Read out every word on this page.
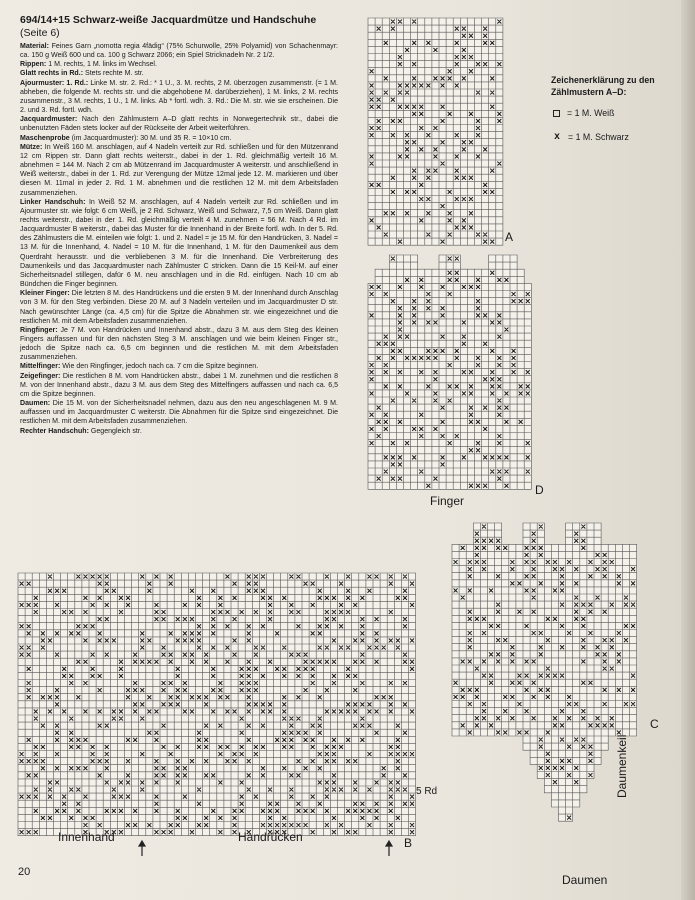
694/14+15 Schwarz-weiße Jacquardmütze und Handschuhe (Seite 6)

Material: Feines Garn „nomotta regia 4fädig“ (75% Schurwolle, 25% Polyamid) von Schachenmayr: ca. 150 g Weiß 600 und ca. 100 g Schwarz 2066; ein Spiel Stricknadeln Nr. 2 1/2.

Rippen: 1 M. rechts, 1 M. links im Wechsel.

Glatt rechts in Rd.: Stets rechte M. str.

Ajourmuster: 1. Rd.: Linke M. str. 2. Rd.: * 1 U., 3. M. rechts, 2 M. überzogen zusammenstr. (= 1 M. abheben, die folgende M. rechts str. und die abgehobene M. darüberziehen), 1 M. links, 2 M. rechts zusammenstr., 3 M. rechts, 1 U., 1 M. links. Ab * fortl. wdh. 3. Rd.: Die M. str. wie sie erscheinen. Die 2. und 3. Rd. fortl. wdh.

Jacquardmuster: Nach den Zählmustern A–D glatt rechts in Norwegertechnik str., dabei die unbenutzten Fäden stets locker auf der Rückseite der Arbeit weiterführen.

Maschenprobe (im Jacquardmuster): 30 M. und 35 R. = 10×10 cm.

Mütze: In Weiß 160 M. anschlagen, auf 4 Nadeln verteilt zur Rd. schließen und für den Mützenrand 12 cm Rippen str. Dann glatt rechts weiterstr., dabei in der 1. Rd. gleichmäßig verteilt 16 M. abnehmen = 144 M. Nach 2 cm ab Mützenrand im Jacquardmuster A weiterstr. und anschließend in Weiß weiterstr., dabei in der 1. Rd. zur Verengung der Mütze 12mal jede 12. M. markieren und über diesen M. 11mal in jeder 2. Rd. 1 M. abnehmen und die restlichen 12 M. mit dem Arbeitsfaden zusammenziehen.

Linker Handschuh: In Weiß 52 M. anschlagen, auf 4 Nadeln verteilt zur Rd. schließen und im Ajourmuster str. wie folgt: 6 cm Weiß, je 2 Rd. Schwarz, Weiß und Schwarz, 7,5 cm Weiß. Dann glatt rechts weiterstr., dabei in der 1. Rd. gleichmäßig verteilt 4 M. zunehmen = 56 M. Nach 4 Rd. im Jacquardmuster B weiterstr., dabei das Muster für die Innenhand in der Breite fortl. wdh. In der 5. Rd. des Zählmusters die M. einteilen wie folgt: 1. und 2. Nadel = je 15 M. für den Handrücken, 3. Nadel = 13 M. für die Innenhand, 4. Nadel = 10 M. für die Innenhand, 1 M. für den Daumenkeil aus dem Querdraht herausstr. und die verbliebenen 3 M. für die Innenhand. Die Verbreiterung des Daumenkeils und das Jacquardmuster nach Zählmuster C stricken. Dann die 15 Keil-M. auf einer Sicherheitsnadel stillegen, dafür 6 M. neu anschlagen und in die Rd. einfügen. Nach 10 cm ab Bündchen die Finger beginnen.

Kleiner Finger: Die letzten 8 M. des Handrückens und die ersten 9 M. der Innenhand durch Anschlag von 3 M. für den Steg verbinden. Diese 20 M. auf 3 Nadeln verteilen und im Jacquardmuster D str. Nach gewünschter Länge (ca. 4,5 cm) für die Spitze die Abnahmen str. wie eingezeichnet und die restlichen M. mit dem Arbeitsfaden zusammenziehen.

Ringfinger: Je 7 M. von Handrücken und Innenhand abstr., dazu 3 M. aus dem Steg des kleinen Fingers auffassen und für den nächsten Steg 3 M. anschlagen und wie beim kleinen Finger str., jedoch die Spitze nach ca. 6,5 cm beginnen und die restlichen M. mit dem Arbeitsfaden zusammenziehen.

Mittelfinger: Wie den Ringfinger, jedoch nach ca. 7 cm die Spitze beginnen.

Zeigefinger: Die restlichen 8 M. vom Handrücken abstr., dabei 1 M. zunehmen und die restlichen 8 M. von der Innenhand abstr., dazu 3 M. aus dem Steg des Mittelfingers auffassen und nach ca. 6,5 cm die Spitze beginnen.

Daumen: Die 15 M. von der Sicherheitsnadel nehmen, dazu aus den neu angeschlagenen M. 9 M. auffassen und im Jacquardmuster C weiterstr. Die Abnahmen für die Spitze sind eingezeichnet. Die restlichen M. mit dem Arbeitsfaden zusammenziehen.

Rechter Handschuh: Gegengleich str.

Zeichenerklärung zu den Zählmustern A–D:
= 1 M. Weiß
x = 1 M. Schwarz
A
D
Finger
C
Daumen
Daumenkeil
B
Innenhand	Handrücken
5 Rd
20
